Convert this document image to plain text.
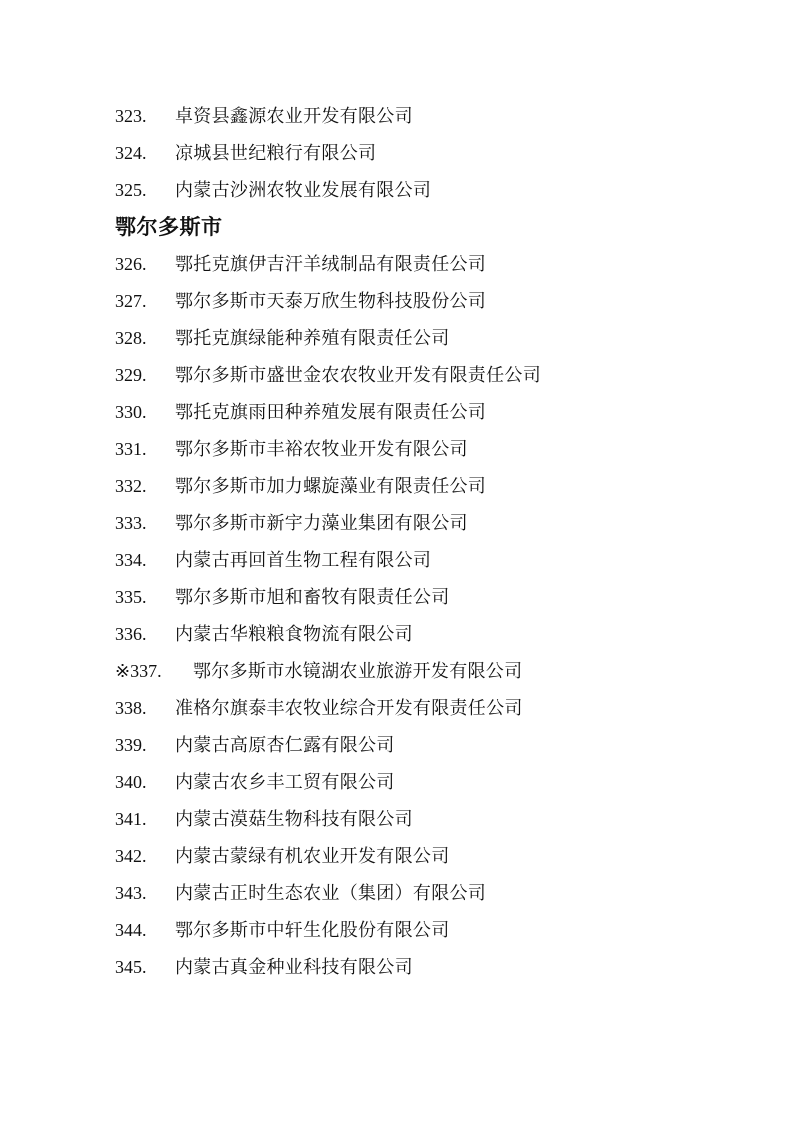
323.	卓资县鑫源农业开发有限公司
324.	凉城县世纪粮行有限公司
325.	内蒙古沙洲农牧业发展有限公司
鄂尔多斯市
326.	鄂托克旗伊吉汗羊绒制品有限责任公司
327.	鄂尔多斯市天泰万欣生物科技股份公司
328.	鄂托克旗绿能种养殖有限责任公司
329.	鄂尔多斯市盛世金农农牧业开发有限责任公司
330.	鄂托克旗雨田种养殖发展有限责任公司
331.	鄂尔多斯市丰裕农牧业开发有限公司
332.	鄂尔多斯市加力螺旋藻业有限责任公司
333.	鄂尔多斯市新宇力藻业集团有限公司
334.	内蒙古再回首生物工程有限公司
335.	鄂尔多斯市旭和畜牧有限责任公司
336.	内蒙古华粮粮食物流有限公司
※337.	鄂尔多斯市水镜湖农业旅游开发有限公司
338.	准格尔旗泰丰农牧业综合开发有限责任公司
339.	内蒙古高原杏仁露有限公司
340.	内蒙古农乡丰工贸有限公司
341.	内蒙古漠菇生物科技有限公司
342.	内蒙古蒙绿有机农业开发有限公司
343.	内蒙古正时生态农业（集团）有限公司
344.	鄂尔多斯市中轩生化股份有限公司
345.	内蒙古真金种业科技有限公司
